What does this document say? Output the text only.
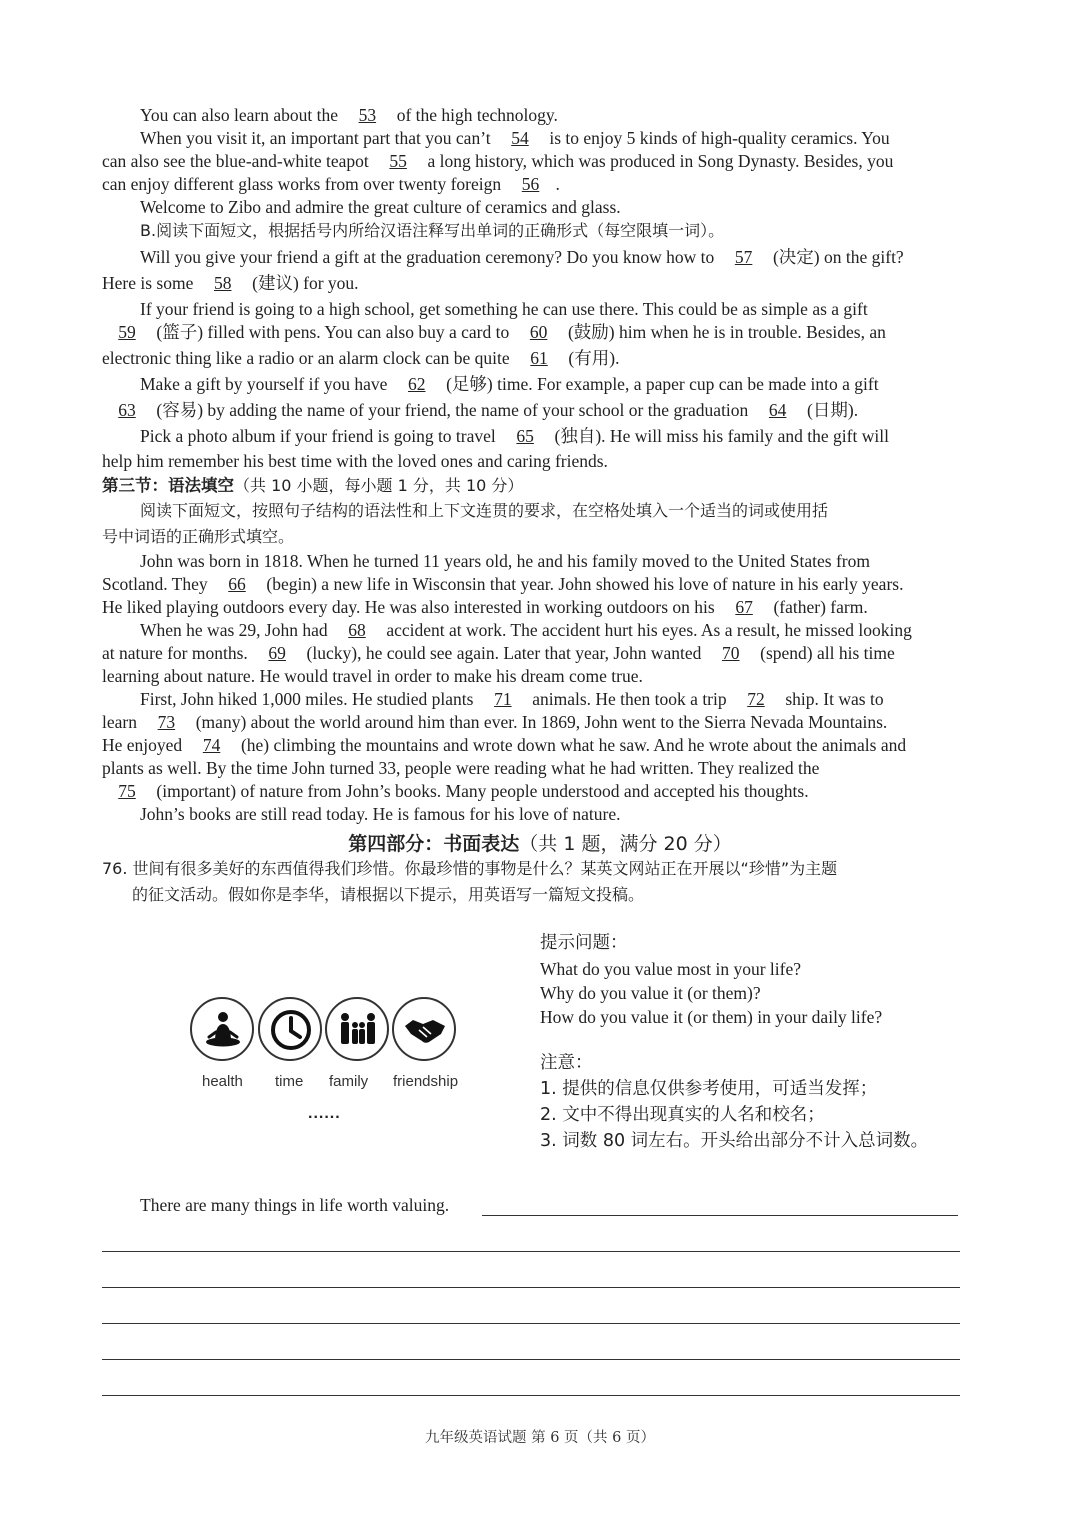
You can also learn about the 53 of the high technology.
When you visit it, an important part that you can’t 54 is to enjoy 5 kinds of high-quality ceramics. You
can also see the blue-and-white teapot 55 a long history, which was produced in Song Dynasty. Besides, you
can enjoy different glass works from over twenty foreign 56 .
Welcome to Zibo and admire the great culture of ceramics and glass.
B.阅读下面短文，根据括号内所给汉语注释写出单词的正确形式（每空限填一词）。
Will you give your friend a gift at the graduation ceremony? Do you know how to 57 (决定) on the gift?
Here is some 58 (建议) for you.
If your friend is going to a high school, get something he can use there. This could be as simple as a gift
59 (篮子) filled with pens. You can also buy a card to 60 (鼓励) him when he is in trouble. Besides, an
electronic thing like a radio or an alarm clock can be quite 61 (有用).
Make a gift by yourself if you have 62 (足够) time. For example, a paper cup can be made into a gift
63 (容易) by adding the name of your friend, the name of your school or the graduation 64 (日期).
Pick a photo album if your friend is going to travel 65 (独自). He will miss his family and the gift will
help him remember his best time with the loved ones and caring friends.
第三节：语法填空（共 10 小题，每小题 1 分，共 10 分）
阅读下面短文，按照句子结构的语法性和上下文连贯的要求，在空格处填入一个适当的词或使用括
号中词语的正确形式填空。
John was born in 1818. When he turned 11 years old, he and his family moved to the United States from
Scotland. They 66 (begin) a new life in Wisconsin that year. John showed his love of nature in his early years.
He liked playing outdoors every day. He was also interested in working outdoors on his 67 (father) farm.
When he was 29, John had 68 accident at work. The accident hurt his eyes. As a result, he missed looking
at nature for months. 69 (lucky), he could see again. Later that year, John wanted 70 (spend) all his time
learning about nature. He would travel in order to make his dream come true.
First, John hiked 1,000 miles. He studied plants 71 animals. He then took a trip 72 ship. It was to
learn 73 (many) about the world around him than ever. In 1869, John went to the Sierra Nevada Mountains.
He enjoyed 74 (he) climbing the mountains and wrote down what he saw. And he wrote about the animals and
plants as well. By the time John turned 33, people were reading what he had written. They realized the
75 (important) of nature from John’s books. Many people understood and accepted his thoughts.
John’s books are still read today. He is famous for his love of nature.
第四部分：书面表达（共 1 题，满分 20 分）
76. 世间有很多美好的东西值得我们珍惜。你最珍惜的事物是什么？某英文网站正在开展以“珍惜”为主题
的征文活动。假如你是李华，请根据以下提示，用英语写一篇短文投稿。
health time family friendship
......
提示问题：
What do you value most in your life?
Why do you value it (or them)?
How do you value it (or them) in your daily life?
注意：
1. 提供的信息仅供参考使用，可适当发挥；
2. 文中不得出现真实的人名和校名；
3. 词数 80 词左右。开头给出部分不计入总词数。
There are many things in life worth valuing.
九年级英语试题 第 6 页（共 6 页）
